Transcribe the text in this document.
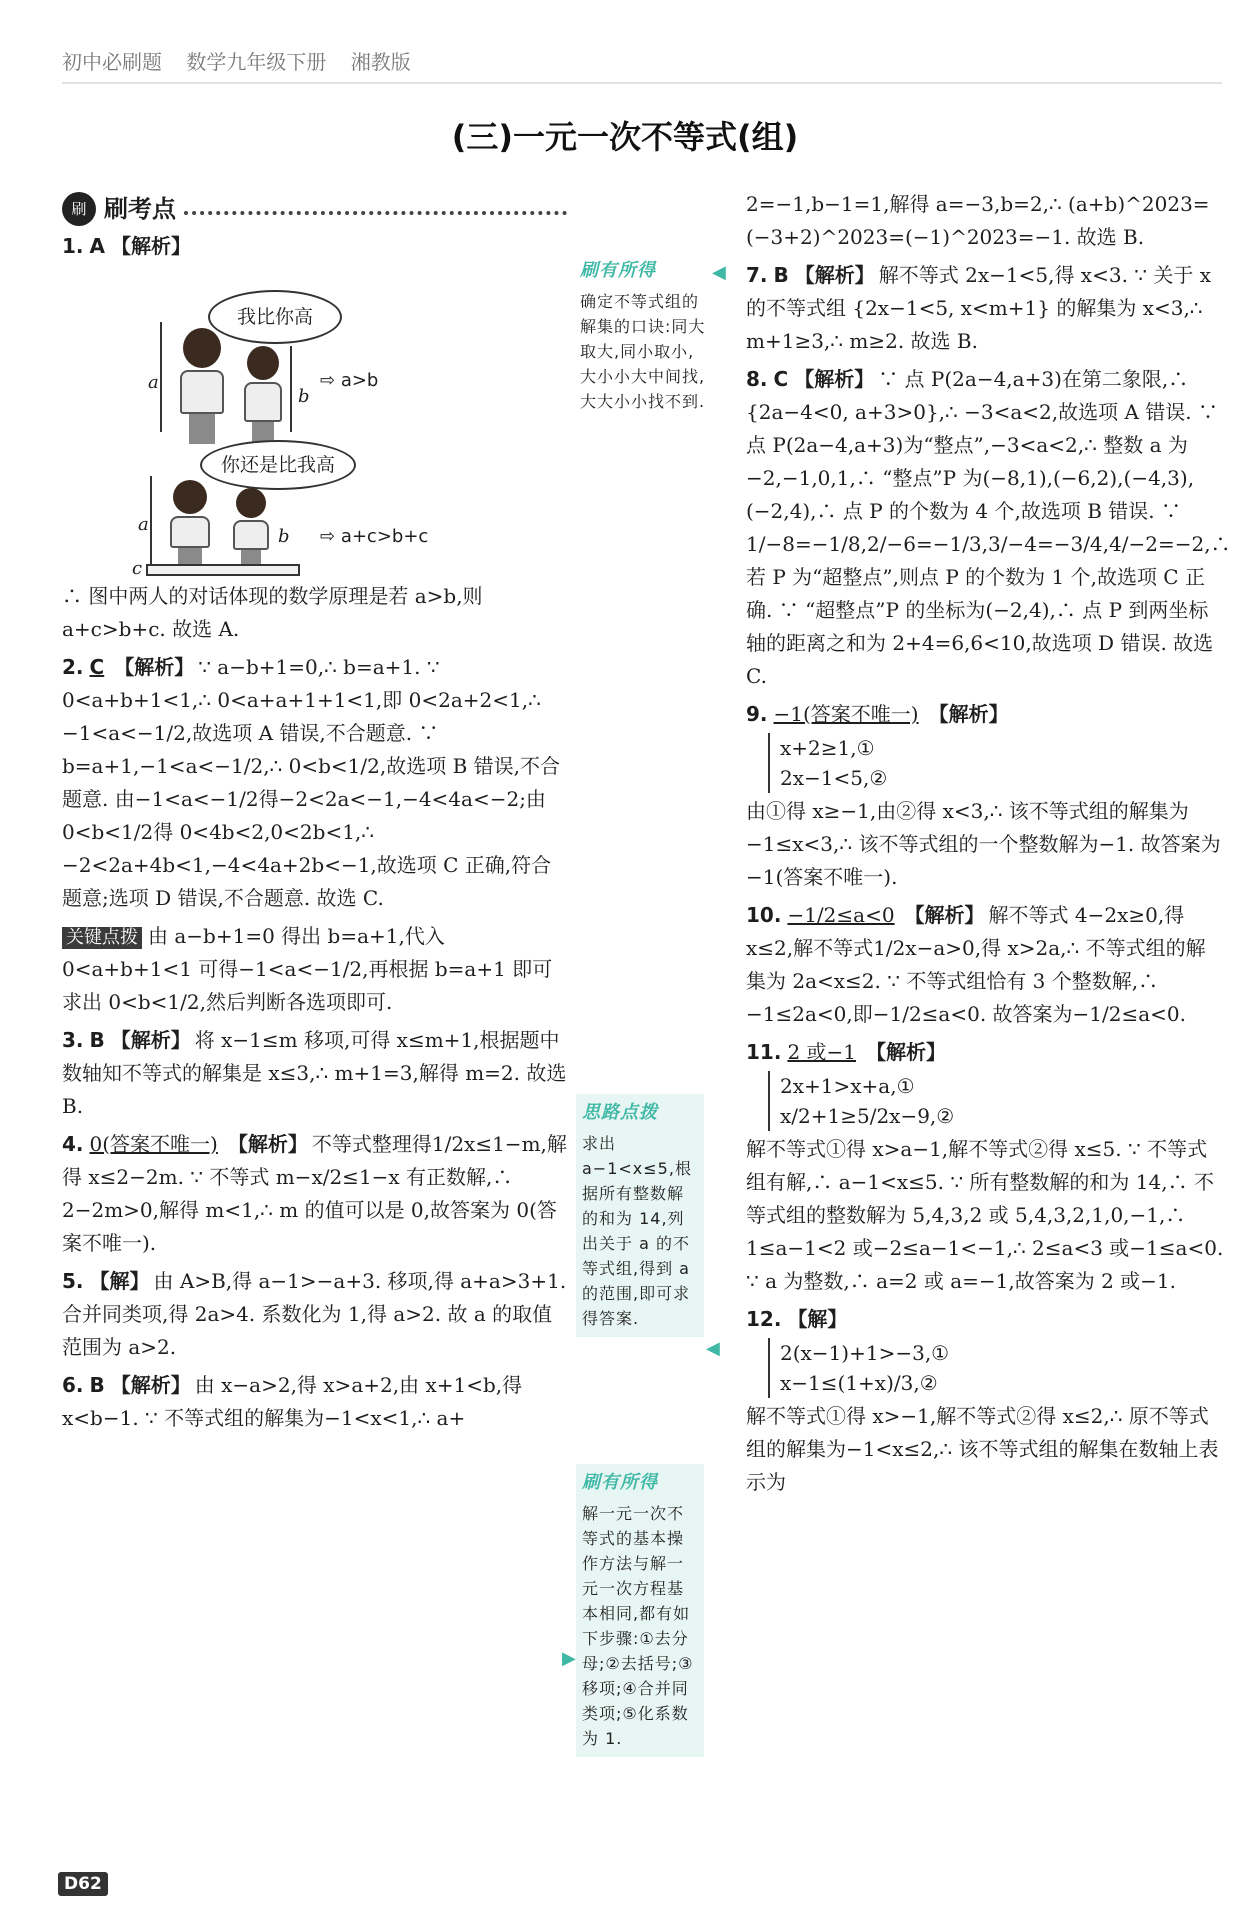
初中必刷题 数学九年级下册 湘教版
(三)一元一次不等式(组)
刷 刷考点
1. A 【解析】
我比你高
a
b
⇨ a>b
你还是比我高
a
c
b ⇨ a+c>b+c
∴ 图中两人的对话体现的数学原理是若 a>b,则 a+c>b+c. 故选 A.
2. C 【解析】 ∵ a−b+1=0,∴ b=a+1. ∵ 0<a+b+1<1,∴ 0<a+a+1+1<1,即 0<2a+2<1,∴ −1<a<−1/2,故选项 A 错误,不合题意. ∵ b=a+1,−1<a<−1/2,∴ 0<b<1/2,故选项 B 错误,不合题意. 由−1<a<−1/2得−2<2a<−1,−4<4a<−2;由 0<b<1/2得 0<4b<2,0<2b<1,∴ −2<2a+4b<1,−4<4a+2b<−1,故选项 C 正确,符合题意;选项 D 错误,不合题意. 故选 C.
关键点拨 由 a−b+1=0 得出 b=a+1,代入 0<a+b+1<1 可得−1<a<−1/2,再根据 b=a+1 即可求出 0<b<1/2,然后判断各选项即可.
3. B 【解析】 将 x−1≤m 移项,可得 x≤m+1,根据题中数轴知不等式的解集是 x≤3,∴ m+1=3,解得 m=2. 故选 B.
4. 0(答案不唯一) 【解析】 不等式整理得1/2x≤1−m,解得 x≤2−2m. ∵ 不等式 m−x/2≤1−x 有正数解,∴ 2−2m>0,解得 m<1,∴ m 的值可以是 0,故答案为 0(答案不唯一).
5. 【解】 由 A>B,得 a−1>−a+3. 移项,得 a+a>3+1. 合并同类项,得 2a>4. 系数化为 1,得 a>2. 故 a 的取值范围为 a>2.
6. B 【解析】 由 x−a>2,得 x>a+2,由 x+1<b,得 x<b−1. ∵ 不等式组的解集为−1<x<1,∴ a+
刷有所得
确定不等式组的解集的口诀:同大取大,同小取小,大小小大中间找,大大小小找不到.
◀
思路点拨
求出 a−1<x≤5,根据所有整数解的和为 14,列出关于 a 的不等式组,得到 a 的范围,即可求得答案.
◀
刷有所得
解一元一次不等式的基本操作方法与解一元一次方程基本相同,都有如下步骤:①去分母;②去括号;③移项;④合并同类项;⑤化系数为 1.
▶
2=−1,b−1=1,解得 a=−3,b=2,∴ (a+b)^2023=(−3+2)^2023=(−1)^2023=−1. 故选 B.
7. B 【解析】 解不等式 2x−1<5,得 x<3. ∵ 关于 x 的不等式组 {2x−1<5, x<m+1} 的解集为 x<3,∴ m+1≥3,∴ m≥2. 故选 B.
8. C 【解析】 ∵ 点 P(2a−4,a+3)在第二象限,∴ {2a−4<0, a+3>0},∴ −3<a<2,故选项 A 错误. ∵ 点 P(2a−4,a+3)为“整点”,−3<a<2,∴ 整数 a 为−2,−1,0,1,∴ “整点”P 为(−8,1),(−6,2),(−4,3),(−2,4),∴ 点 P 的个数为 4 个,故选项 B 错误. ∵ 1/−8=−1/8,2/−6=−1/3,3/−4=−3/4,4/−2=−2,∴ 若 P 为“超整点”,则点 P 的个数为 1 个,故选项 C 正确. ∵ “超整点”P 的坐标为(−2,4),∴ 点 P 到两坐标轴的距离之和为 2+4=6,6<10,故选项 D 错误. 故选 C.
9. −1(答案不唯一) 【解析】
x+2≥1,①
2x−1<5,②
由①得 x≥−1,由②得 x<3,∴ 该不等式组的解集为−1≤x<3,∴ 该不等式组的一个整数解为−1. 故答案为−1(答案不唯一).
10. −1/2≤a<0 【解析】 解不等式 4−2x≥0,得 x≤2,解不等式1/2x−a>0,得 x>2a,∴ 不等式组的解集为 2a<x≤2. ∵ 不等式组恰有 3 个整数解,∴ −1≤2a<0,即−1/2≤a<0. 故答案为−1/2≤a<0.
11. 2 或−1 【解析】
2x+1>x+a,①
x/2+1≥5/2x−9,②
解不等式①得 x>a−1,解不等式②得 x≤5. ∵ 不等式组有解,∴ a−1<x≤5. ∵ 所有整数解的和为 14,∴ 不等式组的整数解为 5,4,3,2 或 5,4,3,2,1,0,−1,∴ 1≤a−1<2 或−2≤a−1<−1,∴ 2≤a<3 或−1≤a<0. ∵ a 为整数,∴ a=2 或 a=−1,故答案为 2 或−1.
12. 【解】
2(x−1)+1>−3,①
x−1≤(1+x)/3,②
解不等式①得 x>−1,解不等式②得 x≤2,∴ 原不等式组的解集为−1<x≤2,∴ 该不等式组的解集在数轴上表示为
D62
